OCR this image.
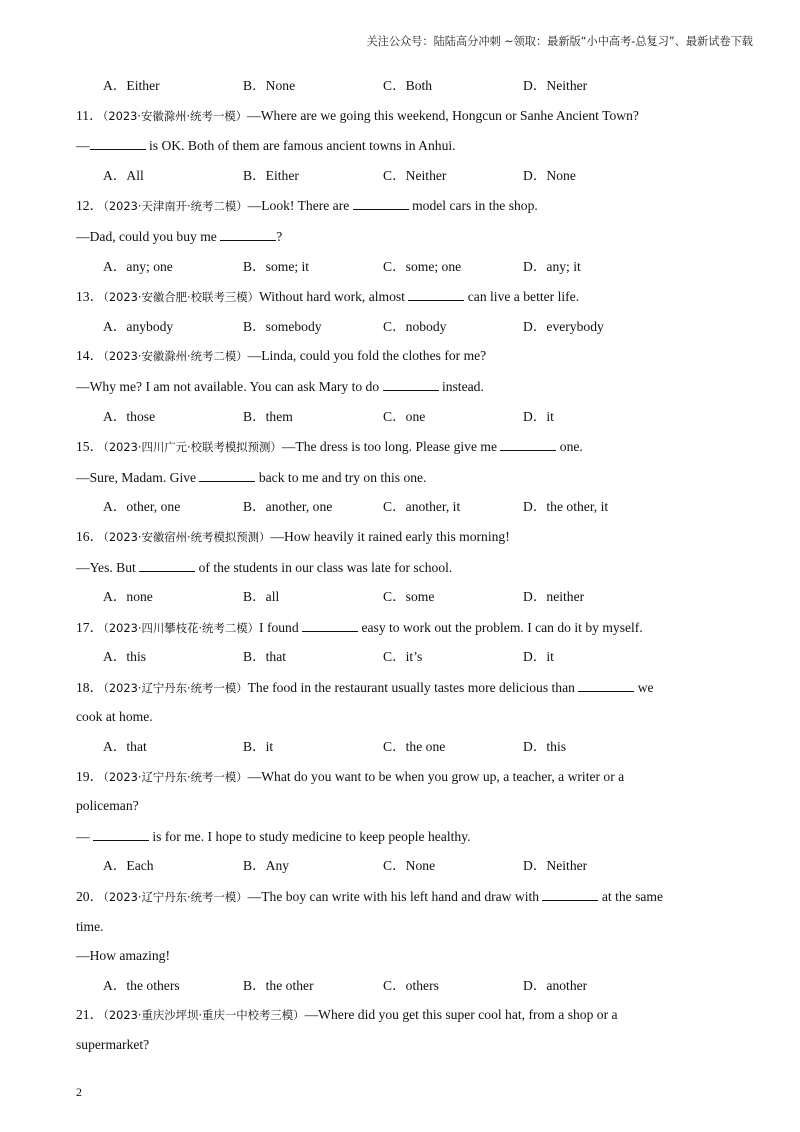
关注公众号：陆陆高分冲刺 ~领取：最新版“小中高考-总复习”、最新试卷下载
A．Either	B．None	C．Both	D．Neither
11．（2023·安徽滁州·统考一模）—Where are we going this weekend, Hongcun or Sanhe Ancient Town?
—	is OK. Both of them are famous ancient towns in Anhui.
A．All	B．Either	C．Neither	D．None
12．（2023·天津南开·统考二模）—Look! There are	model cars in the shop.
—Dad, could you buy me	?
A．any; one	B．some; it	C．some; one	D．any; it
13．（2023·安徽合肥·校联考三模）Without hard work, almost	can live a better life.
A．anybody	B．somebody	C．nobody	D．everybody
14．（2023·安徽滁州·统考二模）—Linda, could you fold the clothes for me?
—Why me? I am not available. You can ask Mary to do	instead.
A．those	B．them	C．one	D．it
15．（2023·四川广元·校联考模拟预测）—The dress is too long. Please give me	one.
—Sure, Madam. Give	back to me and try on this one.
A．other, one	B．another, one	C．another, it	D．the other, it
16．（2023·安徽宿州·统考模拟预测）—How heavily it rained early this morning!
—Yes. But	of the students in our class was late for school.
A．none	B．all	C．some	D．neither
17．（2023·四川攀枝花·统考二模）I found	easy to work out the problem. I can do it by myself.
A．this	B．that	C．it’s	D．it
18．（2023·辽宁丹东·统考一模）The food in the restaurant usually tastes more delicious than	we
cook at home.
A．that	B．it	C．the one	D．this
19．（2023·辽宁丹东·统考一模）—What do you want to be when you grow up, a teacher, a writer or a
policeman?
—	is for me. I hope to study medicine to keep people healthy.
A．Each	B．Any	C．None	D．Neither
20．（2023·辽宁丹东·统考一模）—The boy can write with his left hand and draw with	at the same
time.
—How amazing!
A．the others	B．the other	C．others	D．another
21．（2023·重庆沙坪坝·重庆一中校考三模）—Where did you get this super cool hat, from a shop or a
supermarket?
2
